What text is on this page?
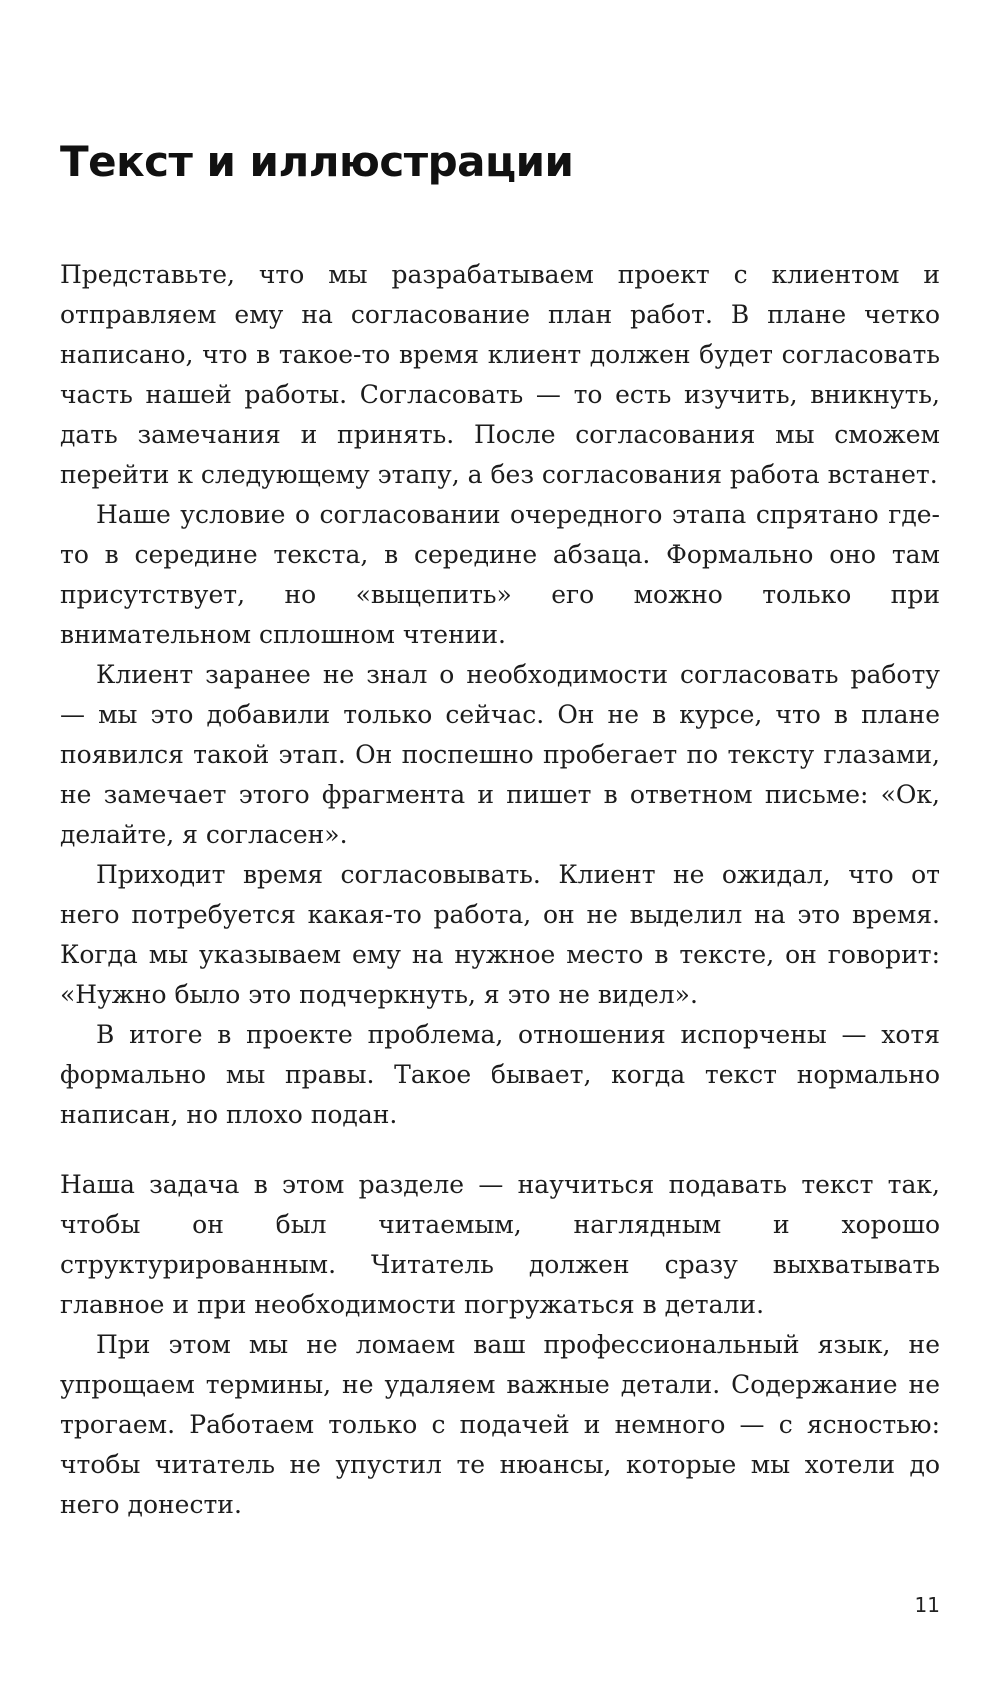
Текст и иллюстрации

Представьте, что мы разрабатываем проект с клиентом и отправляем ему на согласование план работ. В плане четко написано, что в такое-то время клиент должен будет согласовать часть нашей работы. Согласовать — то есть изучить, вникнуть, дать замечания и принять. После согласования мы сможем перейти к следующему этапу, а без согласования работа встанет.

Наше условие о согласовании очередного этапа спрятано где-то в середине текста, в середине абзаца. Формально оно там присутствует, но «выцепить» его можно только при внимательном сплошном чтении.

Клиент заранее не знал о необходимости согласовать работу — мы это добавили только сейчас. Он не в курсе, что в плане появился такой этап. Он поспешно пробегает по тексту глазами, не замечает этого фрагмента и пишет в ответном письме: «Ок, делайте, я согласен».

Приходит время согласовывать. Клиент не ожидал, что от него потребуется какая-то работа, он не выделил на это время. Когда мы указываем ему на нужное место в тексте, он говорит: «Нужно было это подчеркнуть, я это не видел».

В итоге в проекте проблема, отношения испорчены — хотя формально мы правы. Такое бывает, когда текст нормально написан, но плохо подан.

Наша задача в этом разделе — научиться подавать текст так, чтобы он был читаемым, наглядным и хорошо структурированным. Читатель должен сразу выхватывать главное и при необходимости погружаться в детали.

При этом мы не ломаем ваш профессиональный язык, не упрощаем термины, не удаляем важные детали. Содержание не трогаем. Работаем только с подачей и немного — с ясностью: чтобы читатель не упустил те нюансы, которые мы хотели до него донести.

11
